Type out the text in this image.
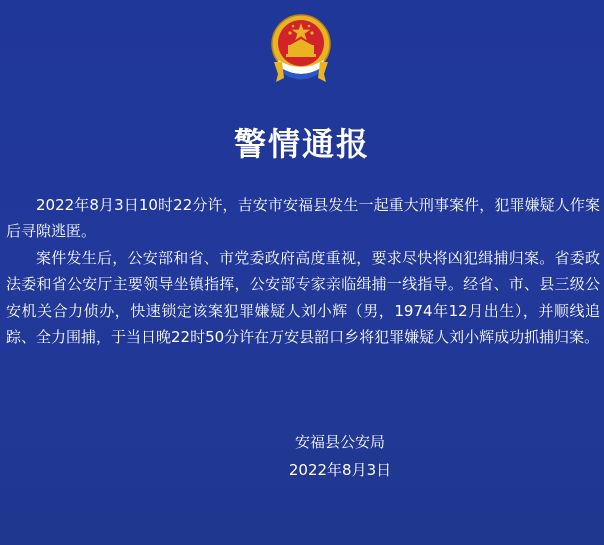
警情通报

2022年8月3日10时22分许，吉安市安福县发生一起重大刑事案件，犯罪嫌疑人作案后寻隙逃匿。

案件发生后，公安部和省、市党委政府高度重视，要求尽快将凶犯缉捕归案。省委政法委和省公安厅主要领导坐镇指挥，公安部专家亲临缉捕一线指导。经省、市、县三级公安机关合力侦办，快速锁定该案犯罪嫌疑人刘小辉（男，1974年12月出生），并顺线追踪、全力围捕，于当日晚22时50分许在万安县韶口乡将犯罪嫌疑人刘小辉成功抓捕归案。

安福县公安局
2022年8月3日
